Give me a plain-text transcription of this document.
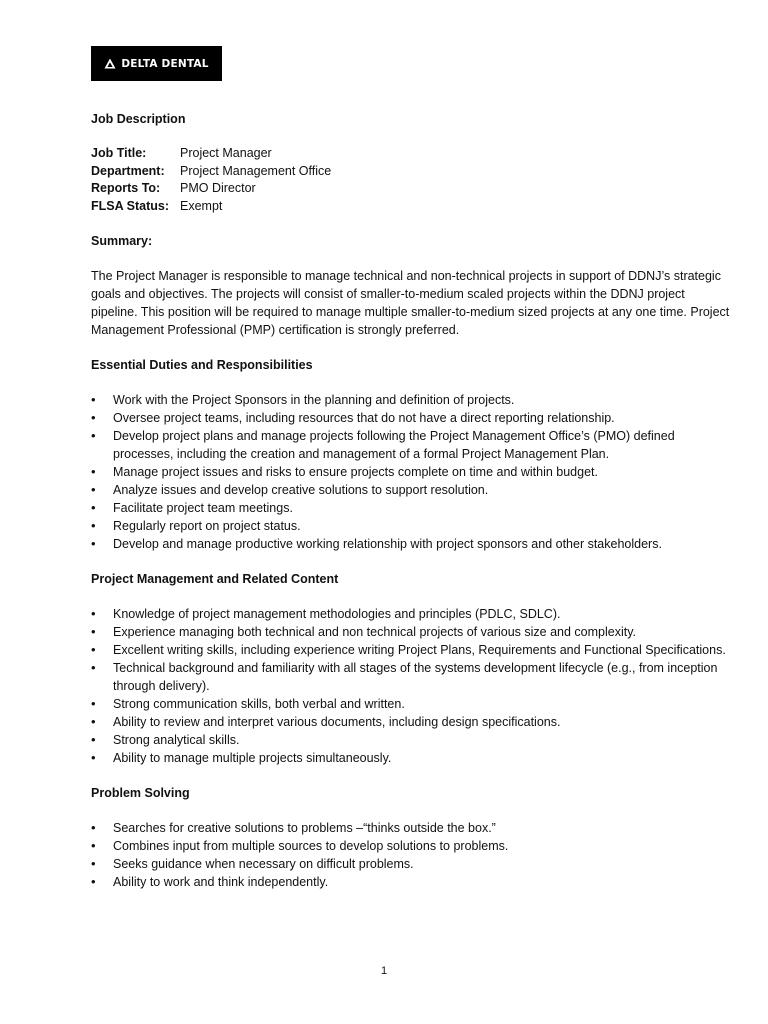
DELTA DENTAL

Job Description

Job Title:	Project Manager
Department:	Project Management Office
Reports To:	PMO Director
FLSA Status:	Exempt

Summary:

The Project Manager is responsible to manage technical and non-technical projects in support of DDNJ’s strategic goals and objectives. The projects will consist of smaller-to-medium scaled projects within the DDNJ project pipeline. This position will be required to manage multiple smaller-to-medium sized projects at any one time. Project Management Professional (PMP) certification is strongly preferred.

Essential Duties and Responsibilities

• Work with the Project Sponsors in the planning and definition of projects.
• Oversee project teams, including resources that do not have a direct reporting relationship.
• Develop project plans and manage projects following the Project Management Office’s (PMO) defined processes, including the creation and management of a formal Project Management Plan.
• Manage project issues and risks to ensure projects complete on time and within budget.
• Analyze issues and develop creative solutions to support resolution.
• Facilitate project team meetings.
• Regularly report on project status.
• Develop and manage productive working relationship with project sponsors and other stakeholders.

Project Management and Related Content

• Knowledge of project management methodologies and principles (PDLC, SDLC).
• Experience managing both technical and non technical projects of various size and complexity.
• Excellent writing skills, including experience writing Project Plans, Requirements and Functional Specifications.
• Technical background and familiarity with all stages of the systems development lifecycle (e.g., from inception through delivery).
• Strong communication skills, both verbal and written.
• Ability to review and interpret various documents, including design specifications.
• Strong analytical skills.
• Ability to manage multiple projects simultaneously.

Problem Solving

• Searches for creative solutions to problems –“thinks outside the box.”
• Combines input from multiple sources to develop solutions to problems.
• Seeks guidance when necessary on difficult problems.
• Ability to work and think independently.
1
